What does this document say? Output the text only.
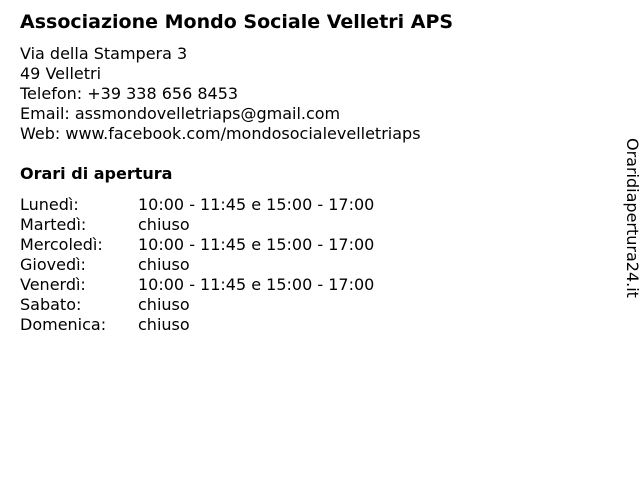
Associazione Mondo Sociale Velletri APS
Via della Stampera 3
49 Velletri
Telefon: +39 338 656 8453
Email: assmondovelletriaps@gmail.com
Web: www.facebook.com/mondosocialevelletriaps
Orari di apertura
Lunedì:	10:00 - 11:45 e 15:00 - 17:00
Martedì:	chiuso
Mercoledì: 10:00 - 11:45 e 15:00 - 17:00
Giovedì:	chiuso
Venerdì:	10:00 - 11:45 e 15:00 - 17:00
Sabato:	chiuso
Domenica: chiuso
Oraridiapertura24.it
